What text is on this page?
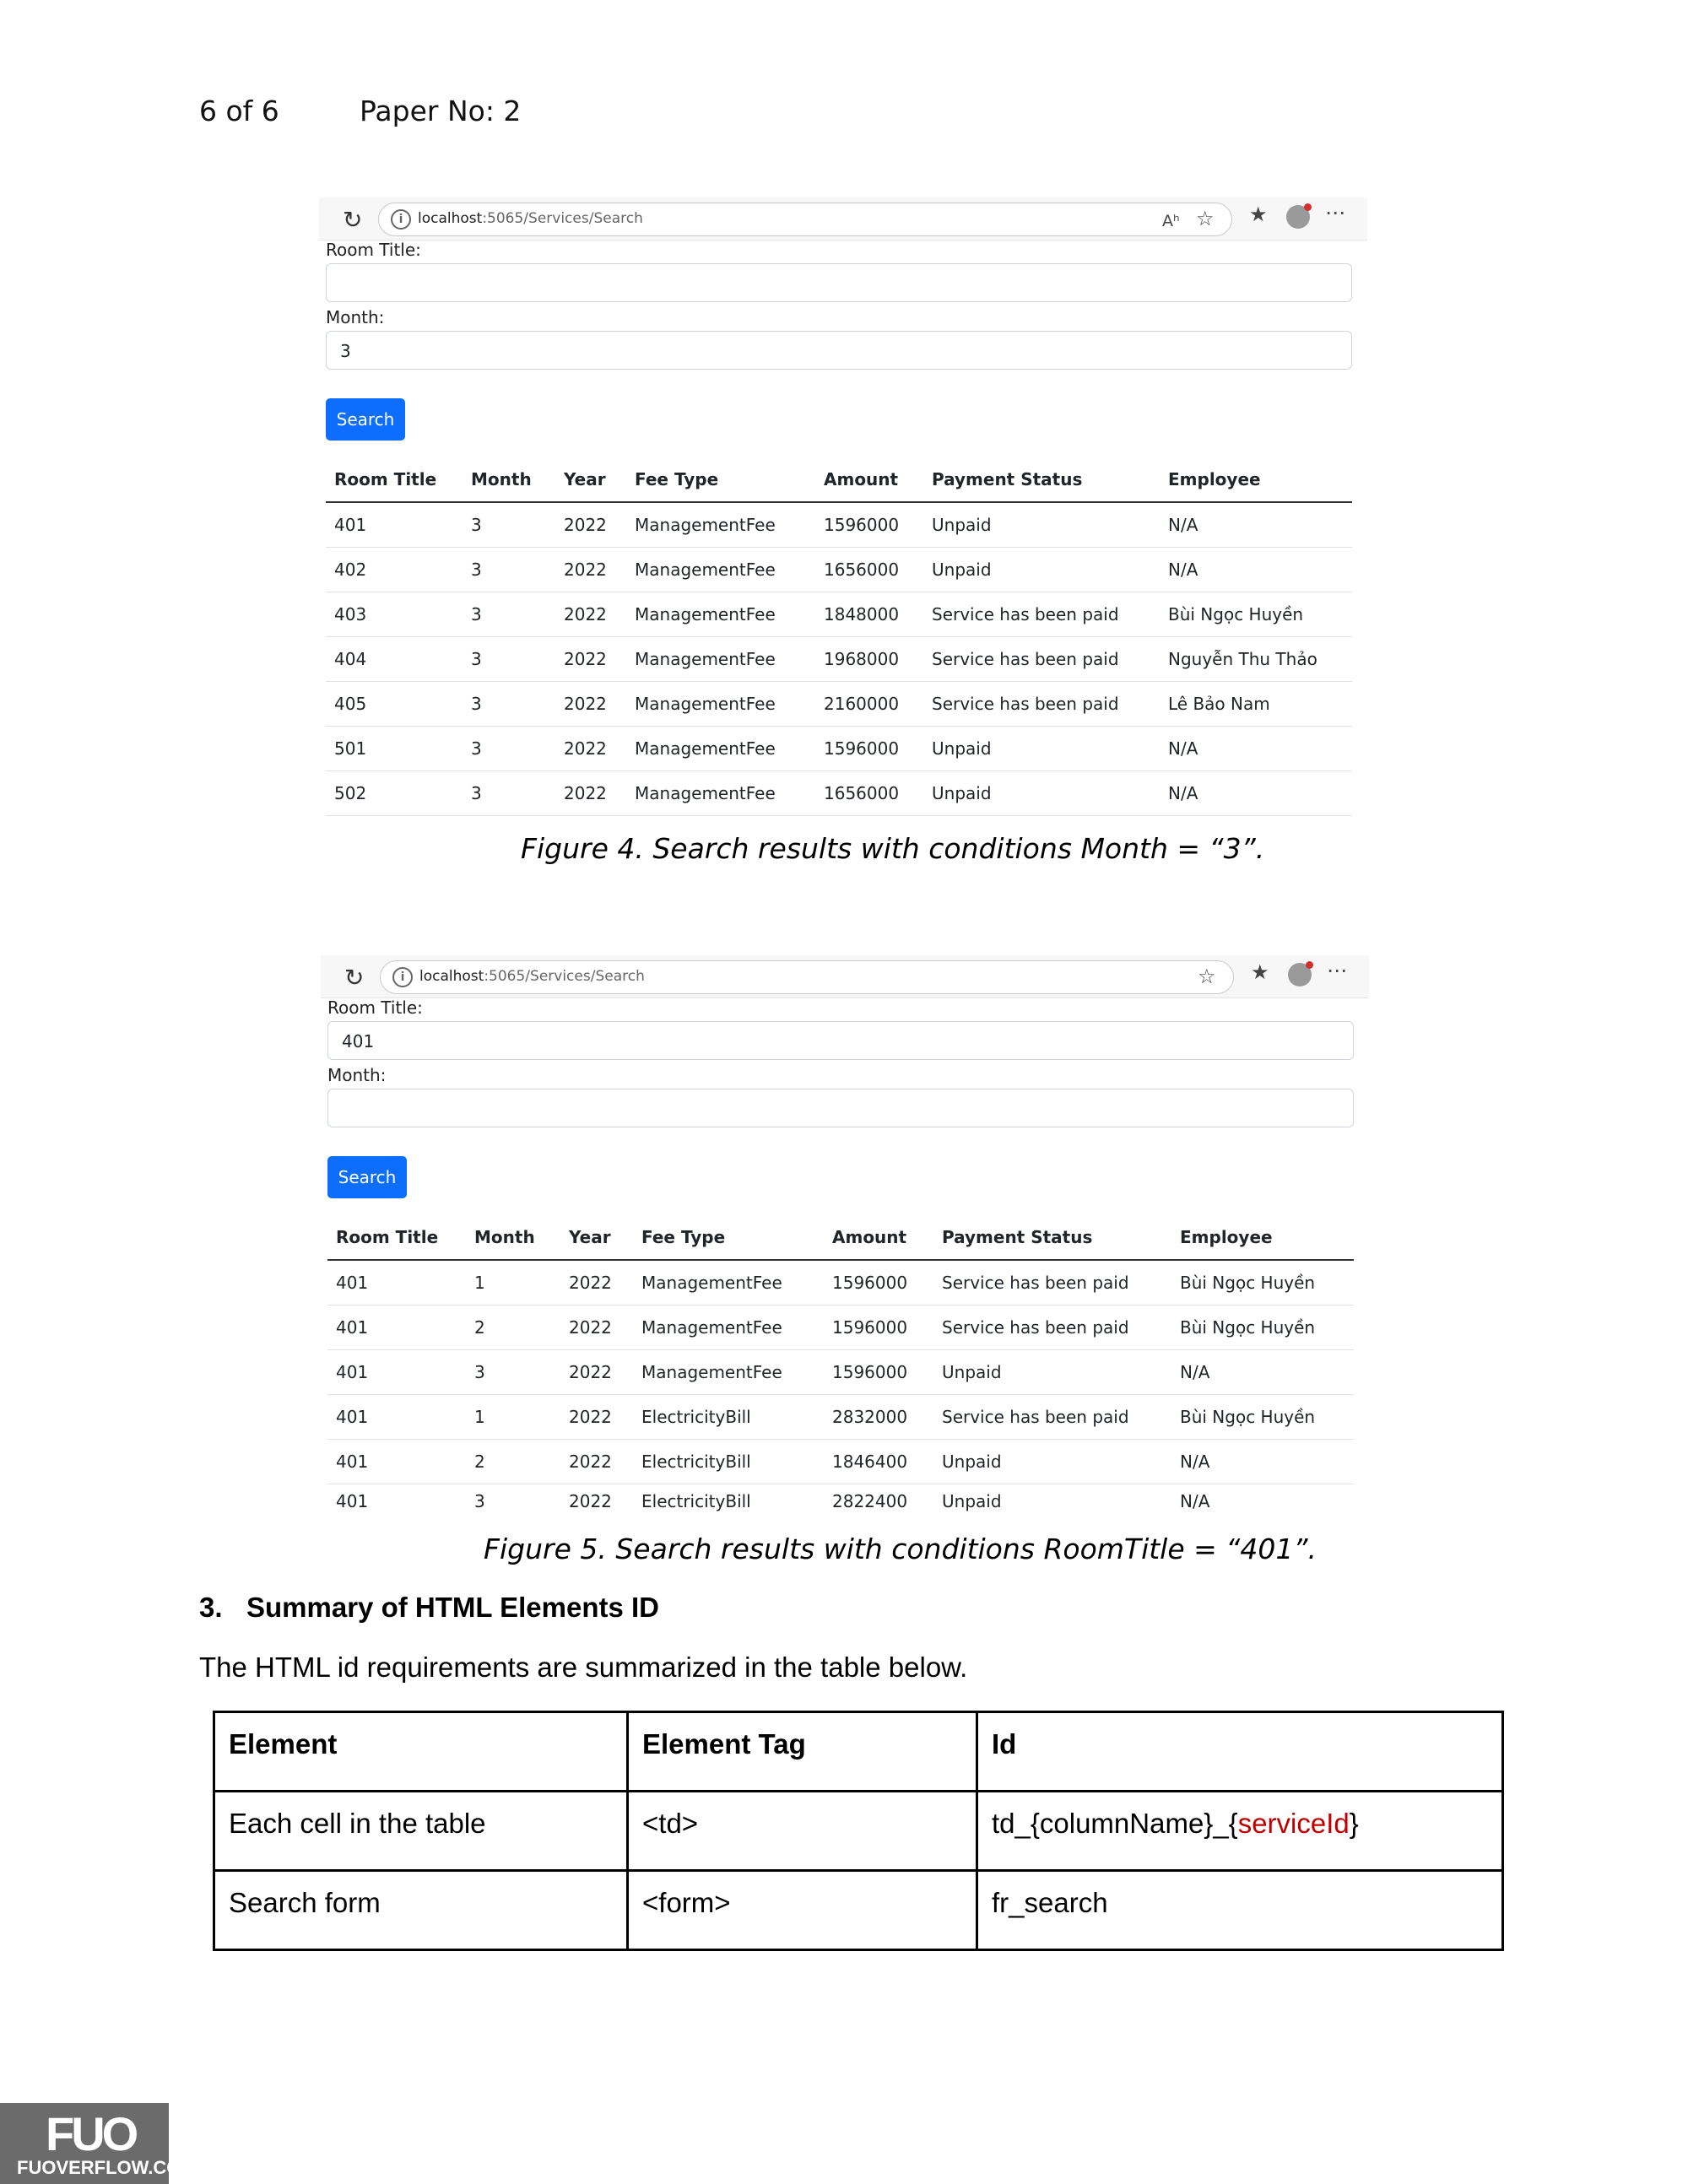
6 of 6	Paper No: 2
↻	i	localhost:5065/Services/Search	Aʰ ☆ ★	⋯
Room Title:
Month:
3
Search
Room Title	Month	Year	Fee Type	Amount	Payment Status	Employee
401	3	2022	ManagementFee	1596000	Unpaid	N/A
402	3	2022	ManagementFee	1656000	Unpaid	N/A
403	3	2022	ManagementFee	1848000	Service has been paid	Bùi Ngọc Huyền
404	3	2022	ManagementFee	1968000	Service has been paid	Nguyễn Thu Thảo
405	3	2022	ManagementFee	2160000	Service has been paid	Lê Bảo Nam
501	3	2022	ManagementFee	1596000	Unpaid	N/A
502	3	2022	ManagementFee	1656000	Unpaid	N/A
Figure 4. Search results with conditions Month = “3”.
↻	i	localhost:5065/Services/Search	☆ ★	⋯
Room Title:
401
Month:
Search
Room Title	Month	Year	Fee Type	Amount	Payment Status	Employee
401	1	2022	ManagementFee	1596000	Service has been paid	Bùi Ngọc Huyền
401	2	2022	ManagementFee	1596000	Service has been paid	Bùi Ngọc Huyền
401	3	2022	ManagementFee	1596000	Unpaid	N/A
401	1	2022	ElectricityBill	2832000	Service has been paid	Bùi Ngọc Huyền
401	2	2022	ElectricityBill	1846400	Unpaid	N/A
401	3	2022	ElectricityBill	2822400	Unpaid	N/A
Figure 5. Search results with conditions RoomTitle = “401”.
3. Summary of HTML Elements ID
The HTML id requirements are summarized in the table below.
Element	Element Tag	Id
Each cell in the table	<td>	td_{columnName}_{serviceId}
Search form	<form>	fr_search
FUO
FUOVERFLOW.COM
